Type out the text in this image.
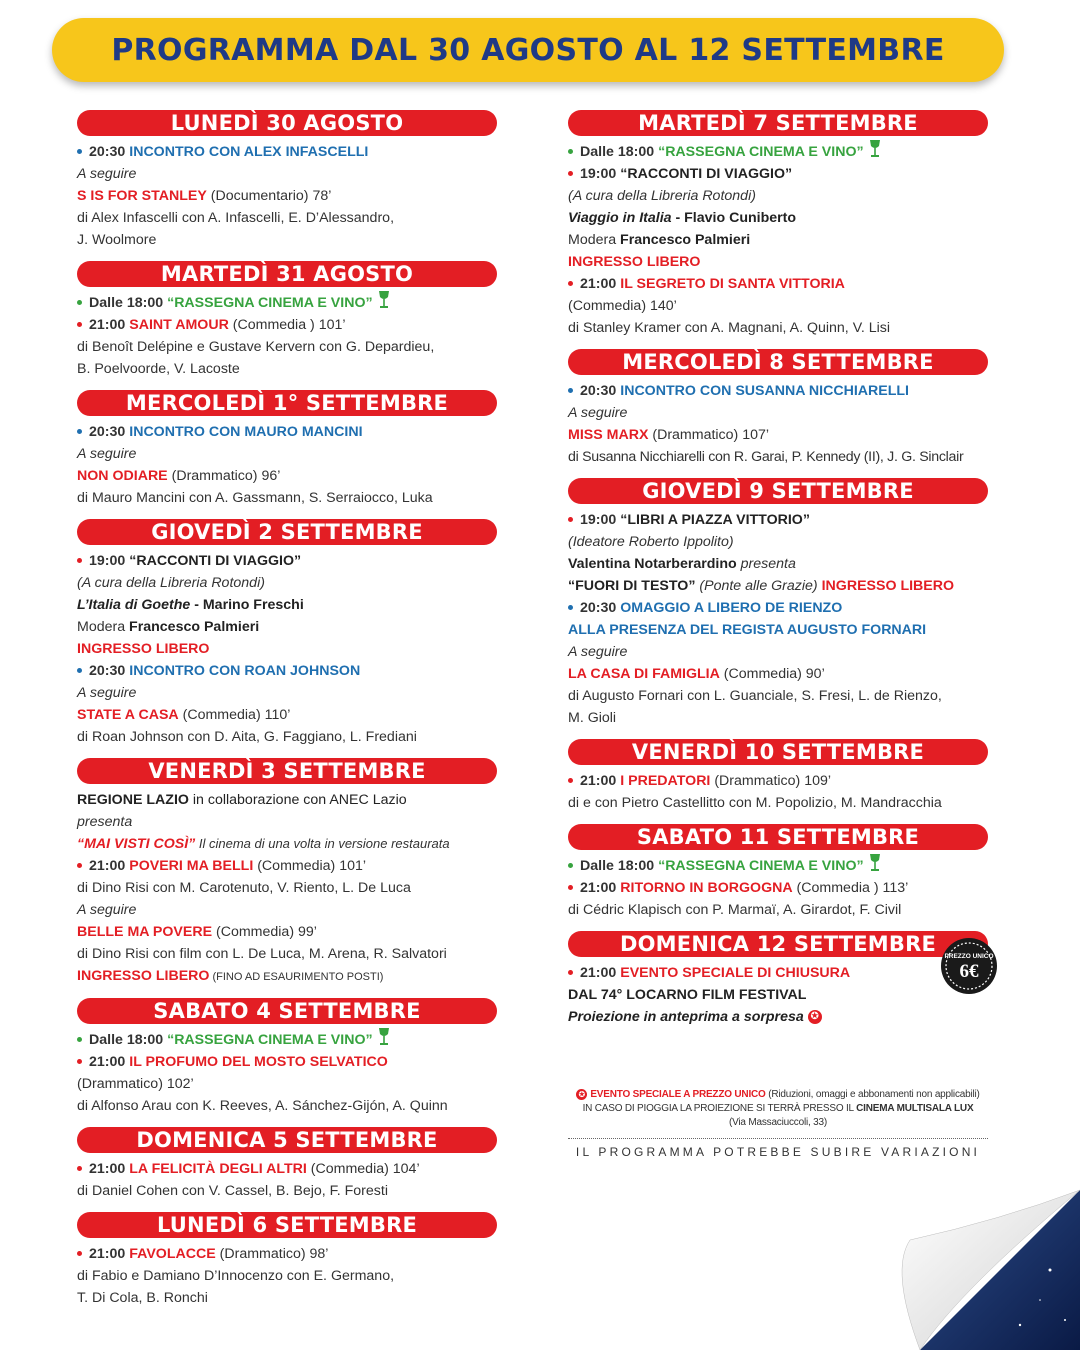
PROGRAMMA DAL 30 AGOSTO AL 12 SETTEMBRE
LUNEDÌ 30 AGOSTO
20:30 INCONTRO CON ALEX INFASCELLI
A seguire
S IS FOR STANLEY (Documentario) 78’
di Alex Infascelli con A. Infascelli, E. D’Alessandro,
J. Woolmore
MARTEDÌ 31 AGOSTO
Dalle 18:00 “RASSEGNA CINEMA E VINO”
21:00 SAINT AMOUR (Commedia ) 101’
di Benoît Delépine e Gustave Kervern con G. Depardieu,
B. Poelvoorde, V. Lacoste
MERCOLEDÌ 1° SETTEMBRE
20:30 INCONTRO CON MAURO MANCINI
A seguire
NON ODIARE (Drammatico) 96’
di Mauro Mancini con A. Gassmann, S. Serraiocco, Luka
GIOVEDÌ 2 SETTEMBRE
19:00 “RACCONTI DI VIAGGIO”
(A cura della Libreria Rotondi)
L’Italia di Goethe - Marino Freschi
Modera Francesco Palmieri
INGRESSO LIBERO
20:30 INCONTRO CON ROAN JOHNSON
A seguire
STATE A CASA (Commedia) 110’
di Roan Johnson con D. Aita, G. Faggiano, L. Frediani
VENERDÌ 3 SETTEMBRE
REGIONE LAZIO in collaborazione con ANEC Lazio
presenta
“MAI VISTI COSÌ” Il cinema di una volta in versione restaurata
21:00 POVERI MA BELLI (Commedia) 101’
di Dino Risi con M. Carotenuto, V. Riento, L. De Luca
A seguire
BELLE MA POVERE (Commedia) 99’
di Dino Risi con film con L. De Luca, M. Arena, R. Salvatori
INGRESSO LIBERO (FINO AD ESAURIMENTO POSTI)
SABATO 4 SETTEMBRE
Dalle 18:00 “RASSEGNA CINEMA E VINO”
21:00 IL PROFUMO DEL MOSTO SELVATICO
(Drammatico) 102’
di Alfonso Arau con K. Reeves, A. Sánchez-Gijón, A. Quinn
DOMENICA 5 SETTEMBRE
21:00 LA FELICITÀ DEGLI ALTRI (Commedia) 104’
di Daniel Cohen con V. Cassel, B. Bejo, F. Foresti
LUNEDÌ 6 SETTEMBRE
21:00 FAVOLACCE (Drammatico) 98’
di Fabio e Damiano D’Innocenzo con E. Germano,
T. Di Cola, B. Ronchi
MARTEDÌ 7 SETTEMBRE
Dalle 18:00 “RASSEGNA CINEMA E VINO”
19:00 “RACCONTI DI VIAGGIO”
(A cura della Libreria Rotondi)
Viaggio in Italia - Flavio Cuniberto
Modera Francesco Palmieri
INGRESSO LIBERO
21:00 IL SEGRETO DI SANTA VITTORIA
(Commedia) 140’
di Stanley Kramer con A. Magnani, A. Quinn, V. Lisi
MERCOLEDÌ 8 SETTEMBRE
20:30 INCONTRO CON SUSANNA NICCHIARELLI
A seguire
MISS MARX (Drammatico) 107’
di Susanna Nicchiarelli con R. Garai, P. Kennedy (II), J. G. Sinclair
GIOVEDÌ 9 SETTEMBRE
19:00 “LIBRI A PIAZZA VITTORIO”
(Ideatore Roberto Ippolito)
Valentina Notarberardino presenta
“FUORI DI TESTO” (Ponte alle Grazie) INGRESSO LIBERO
20:30 OMAGGIO A LIBERO DE RIENZO
ALLA PRESENZA DEL REGISTA AUGUSTO FORNARI
A seguire
LA CASA DI FAMIGLIA (Commedia) 90’
di Augusto Fornari con L. Guanciale, S. Fresi, L. de Rienzo,
M. Gioli
VENERDÌ 10 SETTEMBRE
21:00 I PREDATORI (Drammatico) 109’
di e con Pietro Castellitto con M. Popolizio, M. Mandracchia
SABATO 11 SETTEMBRE
Dalle 18:00 “RASSEGNA CINEMA E VINO”
21:00 RITORNO IN BORGOGNA (Commedia ) 113’
di Cédric Klapisch con P. Marmaï, A. Girardot, F. Civil
DOMENICA 12 SETTEMBRE
21:00 EVENTO SPECIALE DI CHIUSURA
DAL 74° LOCARNO FILM FESTIVAL
Proiezione in anteprima a sorpresa ✪
PREZZO UNICO
6€
✪ EVENTO SPECIALE A PREZZO UNICO (Riduzioni, omaggi e abbonamenti non applicabili)
IN CASO DI PIOGGIA LA PROIEZIONE SI TERRÀ PRESSO IL CINEMA MULTISALA LUX
(Via Massaciuccoli, 33)
IL PROGRAMMA POTREBBE SUBIRE VARIAZIONI
